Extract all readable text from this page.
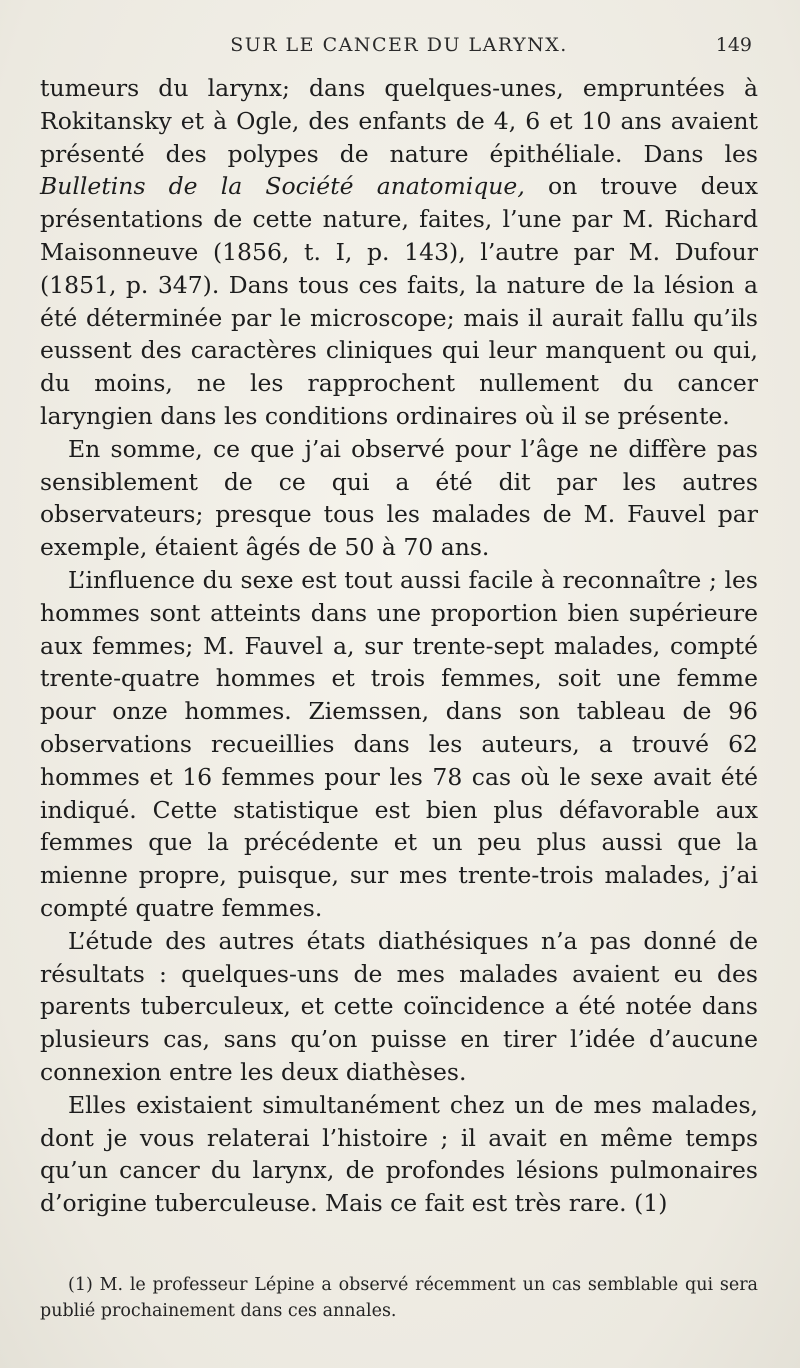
SUR LE CANCER DU LARYNX.	149

tumeurs du larynx; dans quelques-unes, empruntées à Rokitansky et à Ogle, des enfants de 4, 6 et 10 ans avaient présenté des polypes de nature épithéliale. Dans les Bulletins de la Société anatomique, on trouve deux présentations de cette nature, faites, l’une par M. Richard Maisonneuve (1856, t. I, p. 143), l’autre par M. Dufour (1851, p. 347). Dans tous ces faits, la nature de la lésion a été déterminée par le microscope; mais il aurait fallu qu’ils eussent des caractères cliniques qui leur manquent ou qui, du moins, ne les rapprochent nullement du cancer laryngien dans les conditions ordinaires où il se présente.

En somme, ce que j’ai observé pour l’âge ne diffère pas sensiblement de ce qui a été dit par les autres observateurs; presque tous les malades de M. Fauvel par exemple, étaient âgés de 50 à 70 ans.

L’influence du sexe est tout aussi facile à reconnaître ; les hommes sont atteints dans une proportion bien supérieure aux femmes; M. Fauvel a, sur trente-sept malades, compté trente-quatre hommes et trois femmes, soit une femme pour onze hommes. Ziemssen, dans son tableau de 96 observations recueillies dans les auteurs, a trouvé 62 hommes et 16 femmes pour les 78 cas où le sexe avait été indiqué. Cette statistique est bien plus défavorable aux femmes que la précédente et un peu plus aussi que la mienne propre, puisque, sur mes trente-trois malades, j’ai compté quatre femmes.

L’étude des autres états diathésiques n’a pas donné de résultats : quelques-uns de mes malades avaient eu des parents tuberculeux, et cette coïncidence a été notée dans plusieurs cas, sans qu’on puisse en tirer l’idée d’aucune connexion entre les deux diathèses.

Elles existaient simultanément chez un de mes malades, dont je vous relaterai l’histoire ; il avait en même temps qu’un cancer du larynx, de profondes lésions pulmonaires d’origine tuberculeuse. Mais ce fait est très rare. (1)

(1) M. le professeur Lépine a observé récemment un cas semblable qui sera publié prochainement dans ces annales.
